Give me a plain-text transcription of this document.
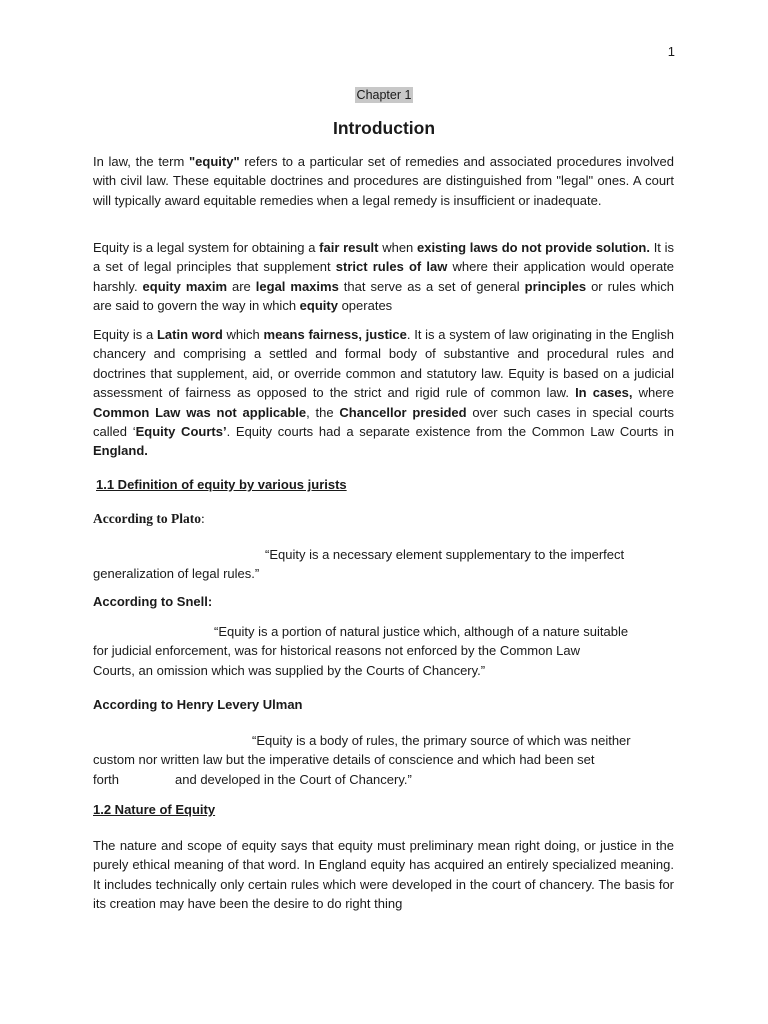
1
Chapter 1
Introduction

In law, the term "equity" refers to a particular set of remedies and associated procedures involved with civil law. These equitable doctrines and procedures are distinguished from "legal" ones. A court will typically award equitable remedies when a legal remedy is insufficient or inadequate.

Equity is a legal system for obtaining a fair result when existing laws do not provide solution. It is a set of legal principles that supplement strict rules of law where their application would operate harshly. equity maxim are legal maxims that serve as a set of general principles or rules which are said to govern the way in which equity operates

Equity is a Latin word which means fairness, justice. It is a system of law originating in the English chancery and comprising a settled and formal body of substantive and procedural rules and doctrines that supplement, aid, or override common and statutory law. Equity is based on a judicial assessment of fairness as opposed to the strict and rigid rule of common law. In cases, where Common Law was not applicable, the Chancellor presided over such cases in special courts called ‘Equity Courts’. Equity courts had a separate existence from the Common Law Courts in England.

1.1 Definition of equity by various jurists
According to Plato:
“Equity is a necessary element supplementary to the imperfect
generalization of legal rules.”
According to Snell:
“Equity is a portion of natural justice which, although of a nature suitable
for judicial enforcement, was for historical reasons not enforced by the Common Law
Courts, an omission which was supplied by the Courts of Chancery.”
According to Henry Levery Ulman
“Equity is a body of rules, the primary source of which was neither
custom nor written law but the imperative details of conscience and which had been set
forth	and developed in the Court of Chancery.”
1.2 Nature of Equity

The nature and scope of equity says that equity must preliminary mean right doing, or justice in the purely ethical meaning of that word. In England equity has acquired an entirely specialized meaning. It includes technically only certain rules which were developed in the court of chancery. The basis for its creation may have been the desire to do right thing
